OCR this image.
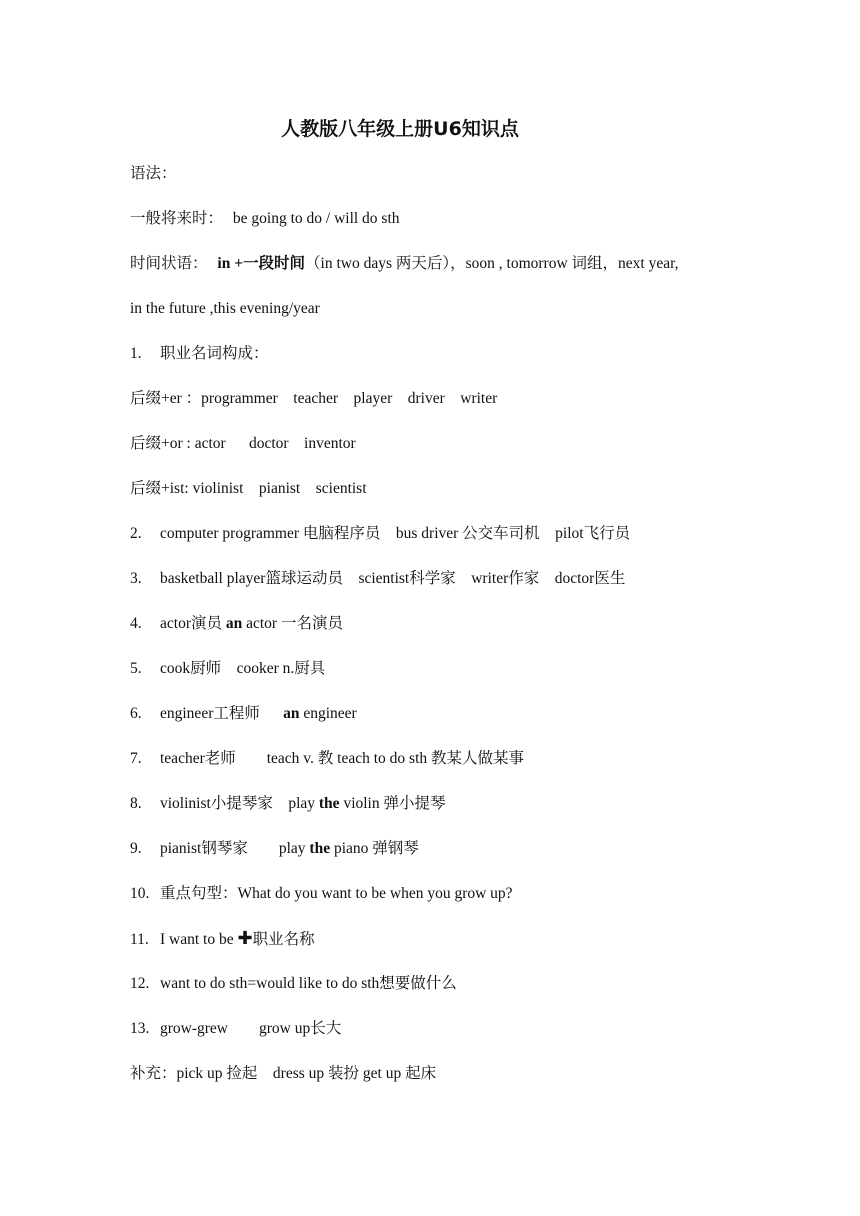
人教版八年级上册U6知识点
语法：
一般将来时： be going to do / will do sth
时间状语： in +一段时间（in two days 两天后），soon , tomorrow 词组，next year,
in the future ,this evening/year
1. 职业名词构成：
后缀+er ：programmer    teacher    player    driver    writer
后缀+or : actor      doctor    inventor
后缀+ist: violinist    pianist    scientist
2. computer programmer 电脑程序员    bus driver 公交车司机    pilot飞行员
3. basketball player篮球运动员    scientist科学家    writer作家    doctor医生
4. actor演员 an actor 一名演员
5. cook厨师    cooker n.厨具
6. engineer工程师      an engineer
7. teacher老师        teach v. 教 teach to do sth 教某人做某事
8. violinist小提琴家    play the violin 弹小提琴
9. pianist钢琴家        play the piano 弹钢琴
10. 重点句型：What do you want to be when you grow up?
11. I want to be ✚职业名称
12. want to do sth=would like to do sth想要做什么
13. grow-grew        grow up长大
补充：pick up 捡起    dress up 装扮 get up 起床
